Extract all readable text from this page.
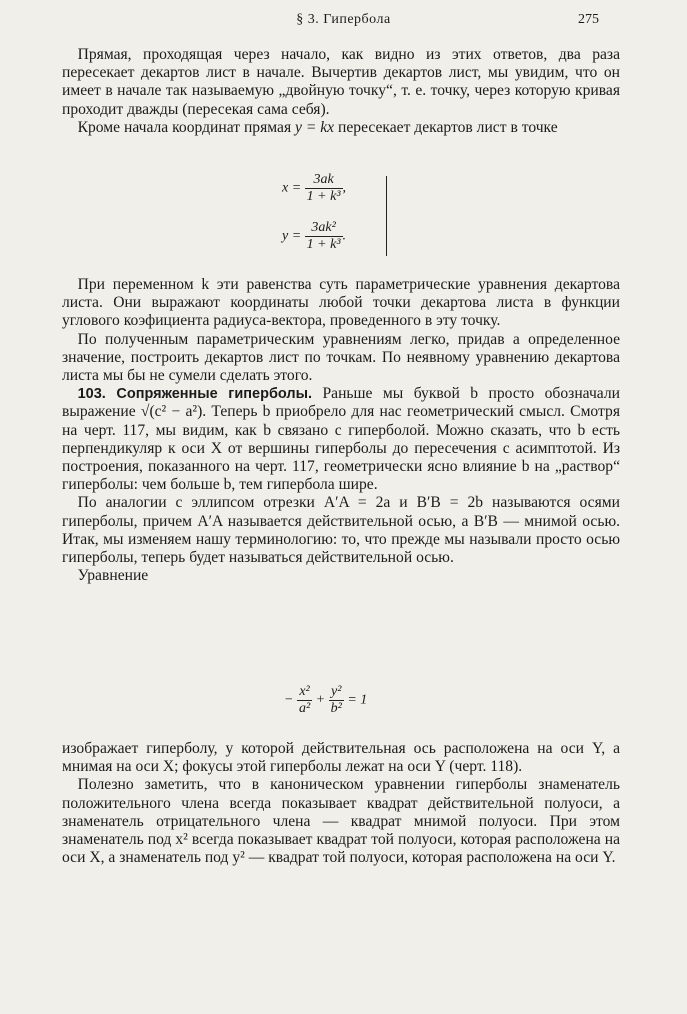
§ 3. Гипербола	275

Прямая, проходящая через начало, как видно из этих ответов, два раза пересекает декартов лист в начале. Вычертив декартов лист, мы увидим, что он имеет в начале так называемую „двойную точку“, т. е. точку, через которую кривая проходит дважды (пересекая сама себя).

Кроме начала координат прямая y = kx пересекает декартов лист в точке

$x = \frac{3ak}{\text{1 + k³}}$ ,
$y = \frac{\text{3ak²}}{\text{1 + k³}}$ .

При переменном k эти равенства суть параметрические уравнения декартова листа. Они выражают координаты любой точки декартова листа в функции углового коэфициента радиуса-вектора, проведенного в эту точку.

По полученным параметрическим уравнениям легко, придав a определенное значение, построить декартов лист по точкам. По неявному уравнению декартова листа мы бы не сумели сделать этого.

103. Сопряженные гиперболы. Раньше мы буквой b просто обозначали выражение √(c² − a²). Теперь b приобрело для нас геометрический смысл. Смотря на черт. 117, мы видим, как b связано с гиперболой. Можно сказать, что b есть перпендикуляр к оси X от вершины гиперболы до пересечения с асимптотой. Из построения, показанного на черт. 117, геометрически ясно влияние b на „раствор“ гиперболы: чем больше b, тем гипербола шире.

По аналогии с эллипсом отрезки A′A = 2a и B′B = 2b называются осями гиперболы, причем A′A называется действительной осью, а B′B — мнимой осью. Итак, мы изменяем нашу терминологию: то, что прежде мы называли просто осью гиперболы, теперь будет называться действительной осью.

Уравнение

− $\frac{\text{x²}}{\text{a²}} + \frac{\text{y²}}{\text{b²}} = 1$

изображает гиперболу, у которой действительная ось расположена на оси Y, а мнимая на оси X; фокусы этой гиперболы лежат на оси Y (черт. 118).

Полезно заметить, что в каноническом уравнении гиперболы знаменатель положительного члена всегда показывает квадрат действительной полуоси, а знаменатель отрицательного члена — квадрат мнимой полуоси. При этом знаменатель под x² всегда показывает квадрат той полуоси, которая расположена на оси X, а знаменатель под y² — квадрат той полуоси, которая расположена на оси Y.
